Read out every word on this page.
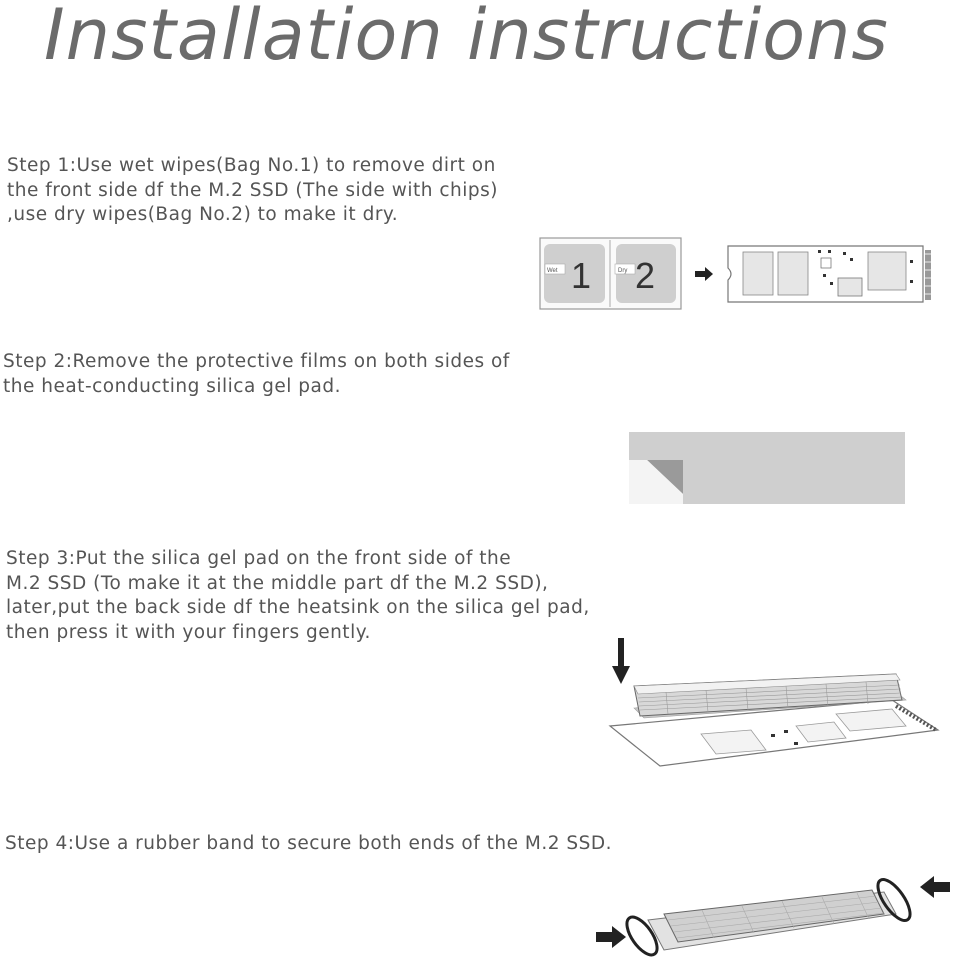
Installation instructions
Step 1:Use wet wipes(Bag No.1) to remove dirt on
the front side df the M.2 SSD (The side with chips)
,use dry wipes(Bag No.2) to make it dry.
Step 2:Remove the protective films on both sides of
the heat-conducting silica gel pad.
Step 3:Put the silica gel pad on the front side of the
M.2 SSD (To make it at the middle part df the M.2 SSD),
later,put the back side df the heatsink on the silica gel pad,
then press it with your fingers gently.
Step 4:Use a rubber band to secure both ends of the M.2 SSD.
Wet 1	Dry 2
